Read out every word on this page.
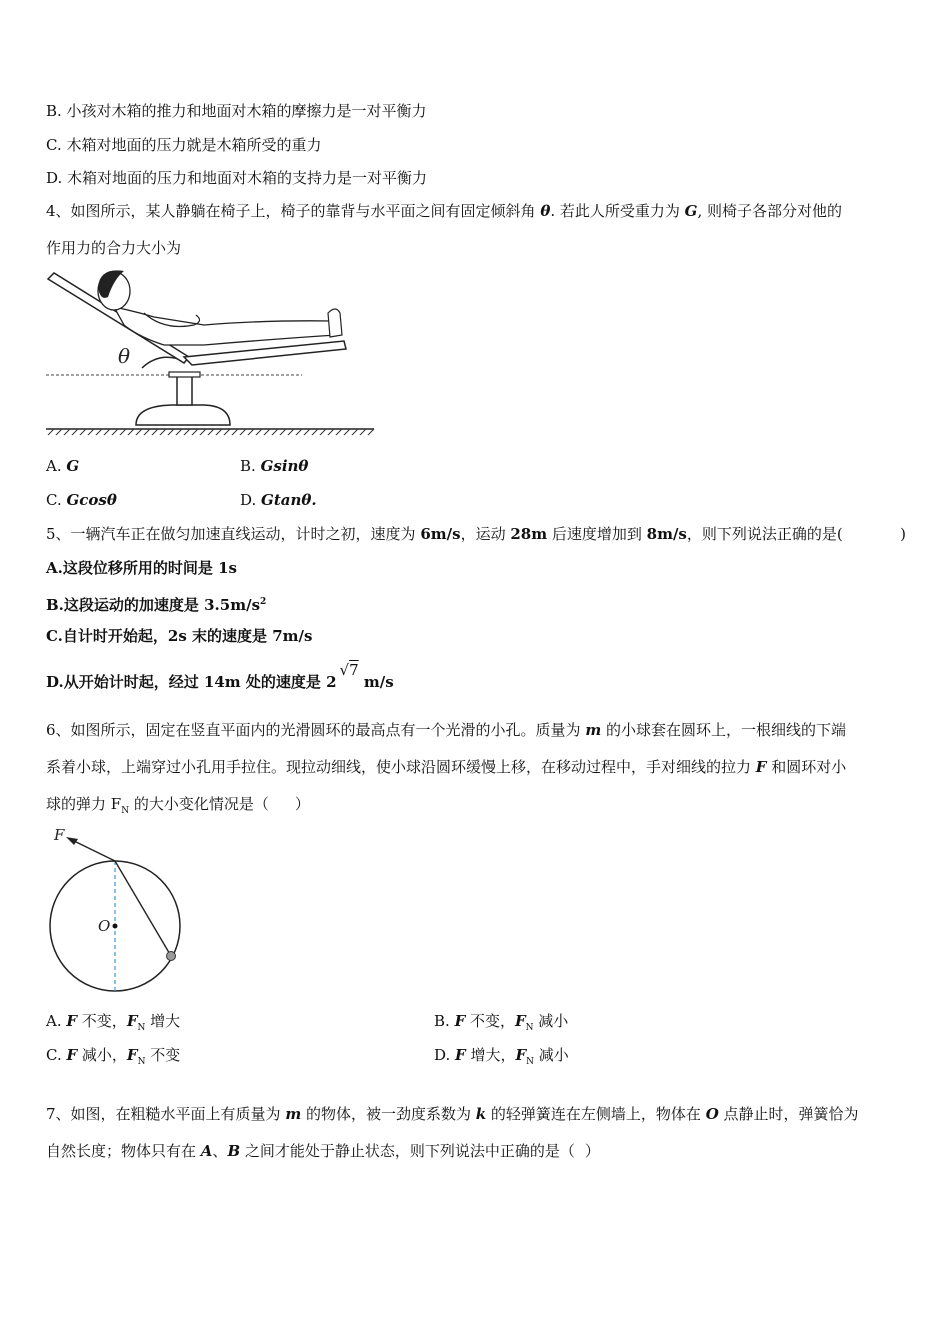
B. 小孩对木箱的推力和地面对木箱的摩擦力是一对平衡力
C. 木箱对地面的压力就是木箱所受的重力
D. 木箱对地面的压力和地面对木箱的支持力是一对平衡力
4、如图所示，某人静躺在椅子上，椅子的靠背与水平面之间有固定倾斜角 θ. 若此人所受重力为 G, 则椅子各部分对他的
作用力的合力大小为
θ
A. G	B. Gsinθ
C. Gcosθ	D. Gtanθ.
5、一辆汽车正在做匀加速直线运动，计时之初，速度为 6m/s，运动 28m 后速度增加到 8m/s，则下列说法正确的是(	)
A.这段位移所用的时间是 1s
B.这段运动的加速度是 $3.5m/s^2$
C.自计时开始起，2s 末的速度是 7m/s
D.从开始计时起，经过 14m 处的速度是 2√7 m/s
6、如图所示，固定在竖直平面内的光滑圆环的最高点有一个光滑的小孔。质量为 m 的小球套在圆环上，一根细线的下端
系着小球，上端穿过小孔用手拉住。现拉动细线，使小球沿圆环缓慢上移，在移动过程中，手对细线的拉力 F 和圆环对小
球的弹力 $F_N$ 的大小变化情况是（ ）
F
O
A. F 不变，$F_N$ 增大	B. F 不变，$F_N$ 减小
C. F 减小，$F_N$ 不变	D. F 增大，$F_N$ 减小
7、如图，在粗糙水平面上有质量为 m 的物体，被一劲度系数为 k 的轻弹簧连在左侧墙上，物体在 O 点静止时，弹簧恰为
自然长度；物体只有在 A、B 之间才能处于静止状态，则下列说法中正确的是（ ）
